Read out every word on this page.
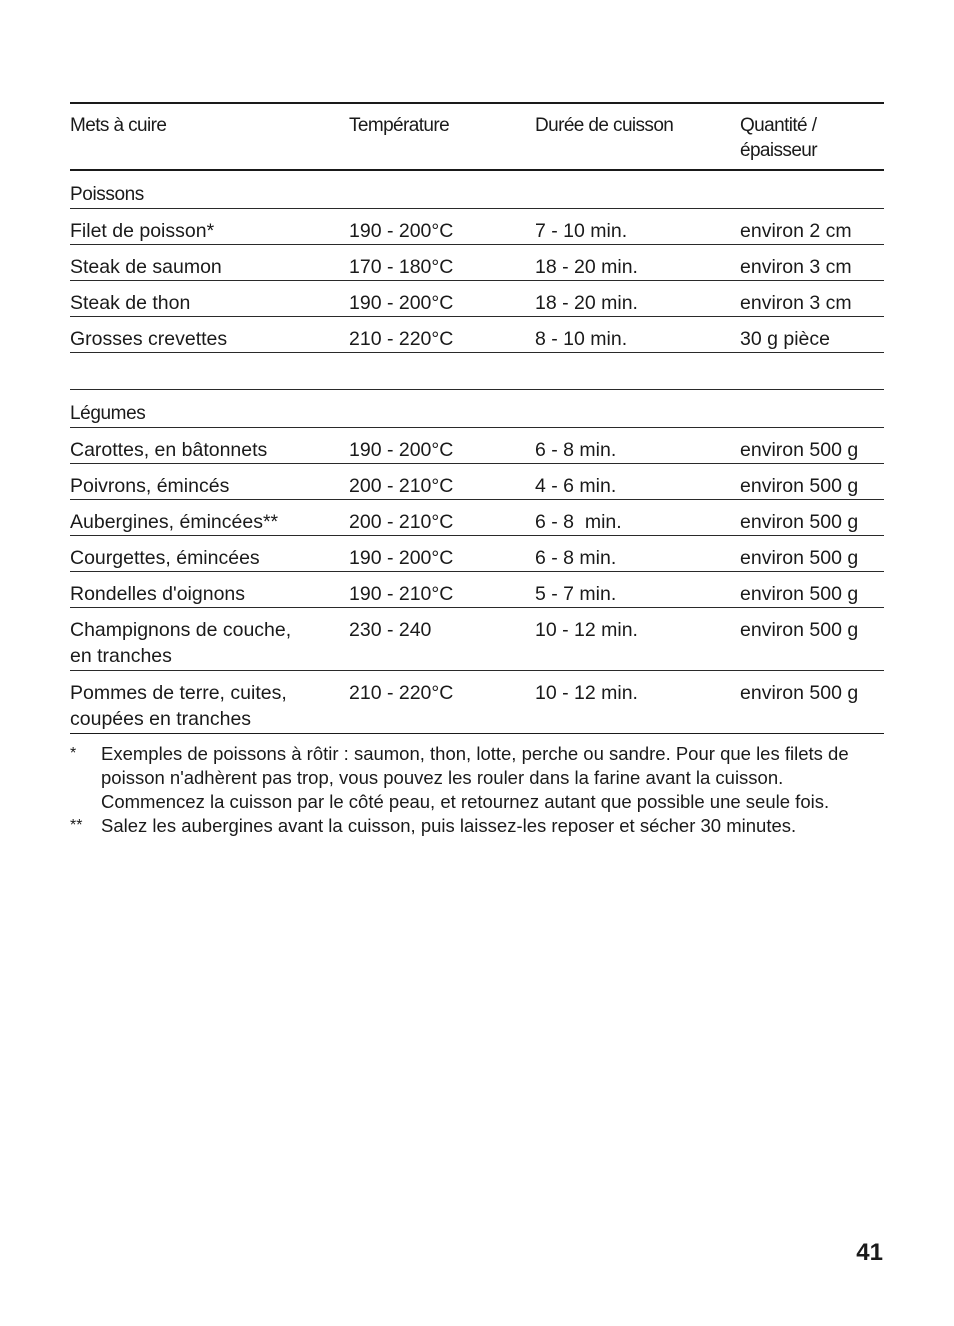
Mets à cuire	Température	Durée de cuisson	Quantité /
épaisseur
Poissons			
Filet de poisson*	190 - 200°C	7 - 10 min.	environ 2 cm
Steak de saumon	170 - 180°C	18 - 20 min.	environ 3 cm
Steak de thon	190 - 200°C	18 - 20 min.	environ 3 cm
Grosses crevettes	210 - 220°C	8 - 10 min.	30 g pièce

Légumes			
Carottes, en bâtonnets	190 - 200°C	6 - 8 min.	environ 500 g
Poivrons, émincés	200 - 210°C	4 - 6 min.	environ 500 g
Aubergines, émincées**	200 - 210°C	6 - 8  min.	environ 500 g
Courgettes, émincées	190 - 200°C	6 - 8 min.	environ 500 g
Rondelles d'oignons	190 - 210°C	5 - 7 min.	environ 500 g
Champignons de couche,
en tranches	230 - 240	10 - 12 min.	environ 500 g
Pommes de terre, cuites,
coupées en tranches	210 - 220°C	10 - 12 min.	environ 500 g
*	Exemples de poissons à rôtir : saumon, thon, lotte, perche ou sandre. Pour que les filets de poisson n'adhèrent pas trop, vous pouvez les rouler dans la farine avant la cuisson. Commencez la cuisson par le côté peau, et retournez autant que possible une seule fois.
**	Salez les aubergines avant la cuisson, puis laissez-les reposer et sécher 30 minutes.
41
